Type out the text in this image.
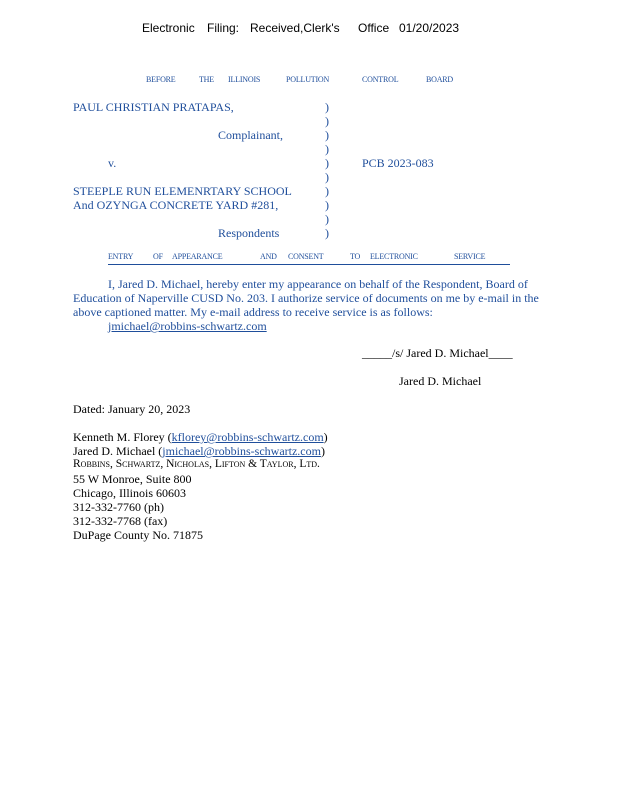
Electronic Filing: Received,Clerk's Office 01/20/2023
BEFORE	THE ILLINOIS	POLLUTION	CONTROL	BOARD
PAUL CHRISTIAN PRATAPAS,
Complainant,
v.	PCB 2023-083
STEEPLE RUN ELEMENRTARY SCHOOL
And OZYNGA CONCRETE YARD #281,
Respondents
)
)
)
)
)
)
)
)
)
)
ENTRY OF APPEARANCE	AND CONSENT	TO ELECTRONIC	SERVICE
I, Jared D. Michael, hereby enter my appearance on behalf of the Respondent, Board of
Education of Naperville CUSD No. 203. I authorize service of documents on me by e-mail in the
above captioned matter. My e-mail address to receive service is as follows:
jmichael@robbins-schwartz.com
_____/s/ Jared D. Michael____
Jared D. Michael
Dated: January 20, 2023
Kenneth M. Florey (kflorey@robbins-schwartz.com)
Jared D. Michael (jmichael@robbins-schwartz.com)
Robbins, Schwartz, Nicholas, Lifton & Taylor, Ltd.
55 W Monroe, Suite 800
Chicago, Illinois 60603
312-332-7760 (ph)
312-332-7768 (fax)
DuPage County No. 71875
